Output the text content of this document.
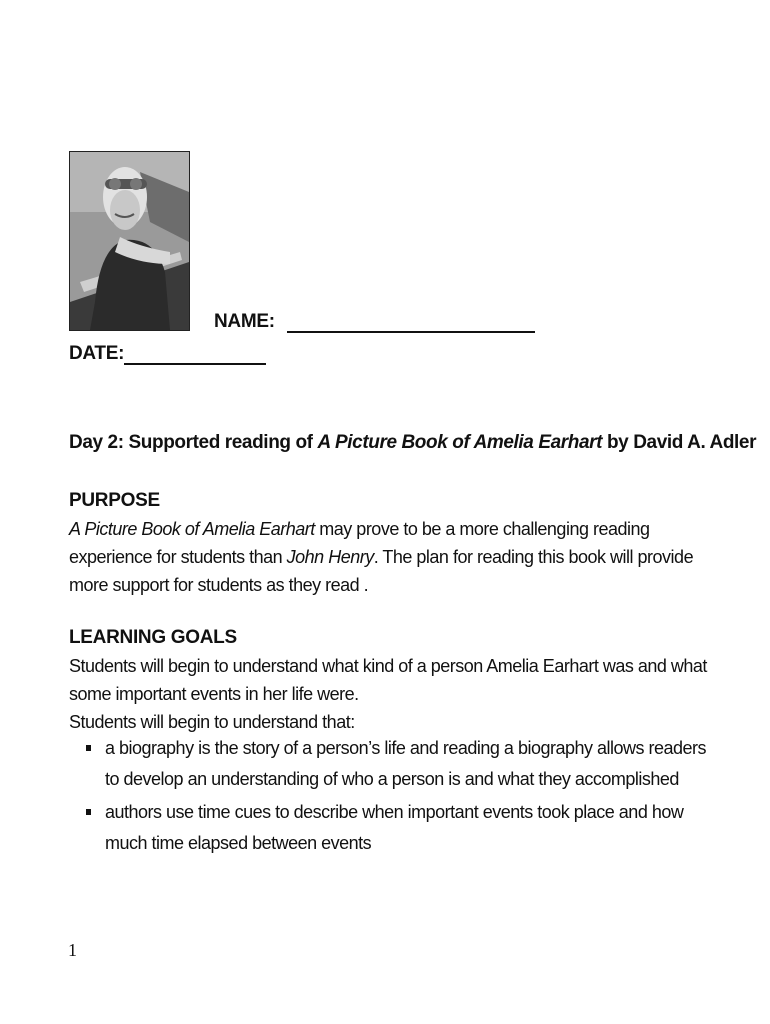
NAME:
DATE:
Day 2: Supported reading of A Picture Book of Amelia Earhart by David A. Adler
PURPOSE
A Picture Book of Amelia Earhart may prove to be a more challenging reading experience for students than John Henry. The plan for reading this book will provide more support for students as they read .
LEARNING GOALS
Students will begin to understand what kind of a person Amelia Earhart was and what some important events in her life were.
Students will begin to understand that:
a biography is the story of a person’s life and reading a biography allows readers to develop an understanding of who a person is and what they accomplished
authors use time cues to describe when important events took place and how much time elapsed between events
1
